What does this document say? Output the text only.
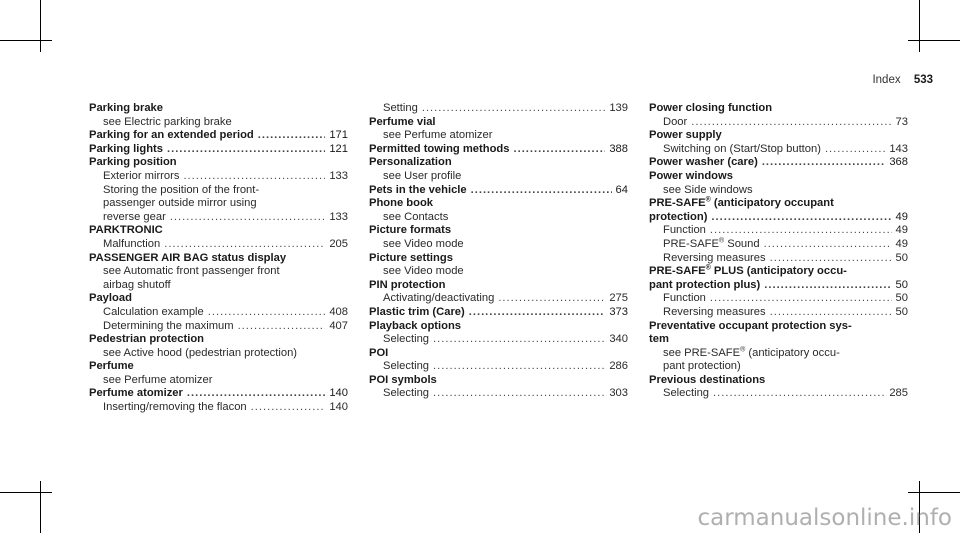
Index 533
Parking brake
see Electric parking brake
Parking for an extended period .....	171
Parking lights .....	121
Parking position
Exterior mirrors .....	133
Storing the position of the front-
passenger outside mirror using
reverse gear .....	133
PARKTRONIC
Malfunction .....	205
PASSENGER AIR BAG status display
see Automatic front passenger front
airbag shutoff
Payload
Calculation example .....	408
Determining the maximum .....	407
Pedestrian protection
see Active hood (pedestrian protection)
Perfume
see Perfume atomizer
Perfume atomizer .....	140
Inserting/removing the flacon .....	140
Setting .....	139
Perfume vial
see Perfume atomizer
Permitted towing methods .....	388
Personalization
see User profile
Pets in the vehicle .....	64
Phone book
see Contacts
Picture formats
see Video mode
Picture settings
see Video mode
PIN protection
Activating/deactivating .....	275
Plastic trim (Care) .....	373
Playback options
Selecting .....	340
POI
Selecting .....	286
POI symbols
Selecting .....	303
Power closing function
Door .....	73
Power supply
Switching on (Start/Stop button) .....	143
Power washer (care) .....	368
Power windows
see Side windows
PRE-SAFE® (anticipatory occupant
protection) .....	49
Function .....	49
PRE-SAFE® Sound .....	49
Reversing measures .....	50
PRE-SAFE® PLUS (anticipatory occu-
pant protection plus) .....	50
Function .....	50
Reversing measures .....	50
Preventative occupant protection sys-
tem
see PRE-SAFE® (anticipatory occu-
pant protection)
Previous destinations
Selecting .....	285
carmanualsonline.info
